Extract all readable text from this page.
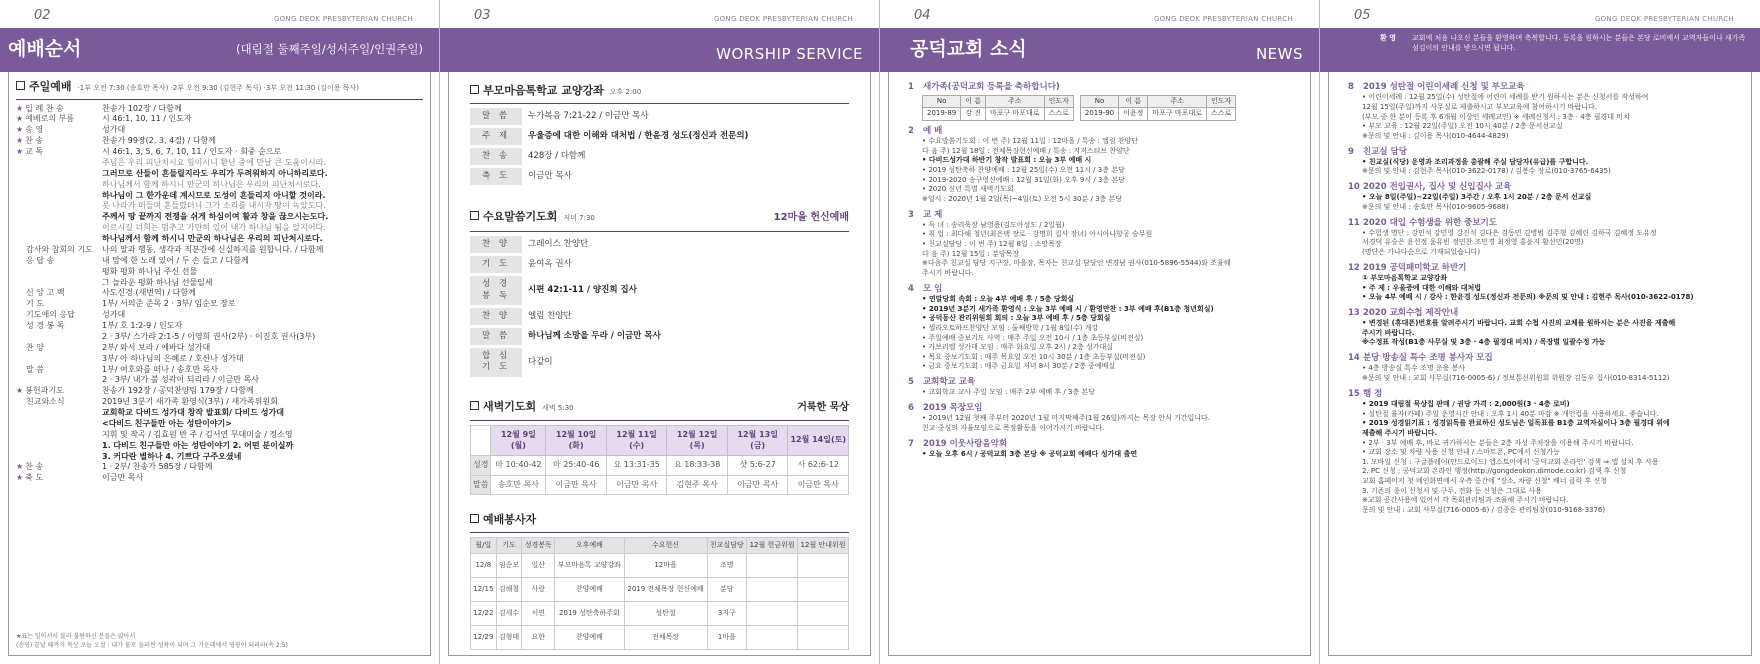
02	GONG DEOK PRESBYTERIAN CHURCH
예배순서	(대림절 둘째주일/성서주일/인권주일)
주일예배 ·1부 오전 7:30 (송호만 목사) ·2부 오전 9:30 (김현주 목사) ·3부 오전 11:30 (김이용 목사)
★ 입 례 찬 송	찬송가 102장 / 다함께
★ 예배로의 부름	시 46:1, 10, 11 / 인도자
★ 송 영	성가대
★ 찬 송	찬송가 99장(2, 3, 4절) / 다함께
★ 교 독	시 46:1, 3, 5, 6, 7, 10, 11 / 인도자 · 회중 순으로
주님은 우리 피난처시요 힘이시니 환난 중에 만날 큰 도움이시라.
그러므로 산들이 흔들릴지라도 우리가 두려워하지 아니하리로다.
하나님께서 함께 하시니 만군의 하나님은 우리의 피난처시로다.
하나님이 그 한가운데 계시므로 도성이 흔들리지 아니할 것이라.
못 나라가 떠들며 흔들렸더니 그가 소리를 내시자 땅이 녹았도다.
주께서 땅 끝까지 전쟁을 쉬게 하심이여 활과 창을 끊으시는도다.
이르시길 너희는 멈추고 가만히 있어 내가 하나님 됨을 알지어다.
하나님께서 함께 하시니 만군의 하나님은 우리의 피난처시로다.
감사와 참회의 기도	나의 말과 행동, 생각과 직분간에 신실하지를 원합니다. / 다함께
응 답 송	내 맘에 한 노래 있어 / 두 손 들고 / 다함께
평화 평화 하나님 주신 선물
그 놀라운 평화 하나님 선물일세
신 앙 고 백	사도신경 (새번역) / 다함께
기 도	1부/ 서의준 준목 2 · 3부/ 임순모 장로
기도에의 응답	성가대
성 경 봉 독	1부/ 호 1:2-9 / 인도자
2 · 3부/ 스가랴 2:1-5 / 이영희 권사(2부) · 이진호 권사(3부)
찬 양	2부/ 와서 보라 / 에바다 성가대
3부/ 아 하나님의 은혜로 / 호산나 성가대
말 씀	1부/ 여호와를 떠나 / 송호만 목사
2 · 3부/ 내가 불 성곽이 되리라 / 이금만 목사
★ 봉헌과기도	찬송가 192장 / 공덕찬양팀 179장 / 다함께
친교와소식	2019년 3분기 새가족 환영식(3부) / 새가족위원회
교회학교 다비드 성가대 창작 발표회/ 다비드 성가대
<다비드 친구들만 아는 성탄이야기>
지휘 및 작곡 / 김효원 반 주 / 김서연 무대미술 / 정소영
1. 다비드 친구들만 아는 성탄이야기 2. 어떤 분이실까
3. 커다란 별하나 4. 기쁘다 구주오셨네
★ 찬 송	1 · 2부/ 찬송가 585장 / 다함께
★ 축 도	이금만 목사
★표는 일어서서 불러 불편하신 분들은 앉아서
(송영) 끝날 때까지 목상 오늘 오설 : 내가 물로 둘러싼 성곽이 되며 그 가운데에서 영광이 되리라(속 2:5)
03	GONG DEOK PRESBYTERIAN CHURCH
WORSHIP SERVICE
부모마음톡학교 교양강좌 오후 2:00
말 씀	누가복음 7:21-22 / 이금만 목사
주 제	우울증에 대한 이해와 대처법 / 한윤경 성도(정신과 전문의)
찬 송	428장 / 다함께
축 도	이금만 목사
수요말씀기도회 저녁 7:30	12마을 헌신예배
찬 양	그레이스 찬양단
기 도	윤여옥 권사
성 경 봉 독	시편 42:1-11 / 양진희 집사
찬 양	엘림 찬양단
말 씀	하나님께 소망을 두라 / 이금만 목사
합 심 기 도	다같이
새벽기도회 새벽 5:30	거룩한 묵상
	12월 9일(월)	12월 10일(화)	12월 11일(수)	12월 12일(목)	12월 13일(금)	12월 14일(토)
성경	마 10:40-42	마 25:40-46	요 13:31-35	요 18:33-38	샷 5:6-27	사 62:6-12
말씀	송호만 목사	이금만 목사	이금만 목사	김현주 목사	이금만 목사	이금만 목사
예배봉사자
월/일	기도	성경봉독	오후예배	수요헌신	친교실담당	12월 헌금위원	12월 안내위원
12/8	임순모	일산	부모마음톡 교양강좌	12마을	조명		
12/15	김해철	사랑	찬양예배	2019 전체목장 헌신예배	분당		
12/22	김세수	서연	2019 성탄축하주회	성탄절	3지구		
12/29	김형태	요한	찬양예배	전체목장	1마을		
04	GONG DEOK PRESBYTERIAN CHURCH
공덕교회 소식	NEWS
1 새가족(공덕교회 등록을 축하합니다)
No	이 름	주소	인도자
2019-89	강 진	마포구 마포대로	스스로
No	이 름	주소	인도자
2019-90	이윤정	마포구 마포대로	스스로
2 예 배
• 수요말씀기도회 : 이 번 주) 12월 11일 : 12마을 / 특송 : 엘림 찬양단
다 음 주) 12월 18일 : 전체목장헌신예배 / 특송 : 지저스티브 찬양단
• 다비드성가대 하반기 창작 발표회 : 오늘 3부 예배 시
• 2019 성탄축하 찬양예배 : 12월 25일(수) 오전 11시 / 3층 본당
• 2019-2020 송구영신예배 : 12월 31일(화) 오후 9시 / 3층 본당
• 2020 신년 특별 새벽기도회
※일시 : 2020년 1월 2일(목)~4일(토) 오전 5시 30분 / 3층 본당
3 교 제
• 득 녀 : 송리욱장 남영용(김도아성도 / 2일월)
• 취 업 : 최다해 청년(최은택 장로 · 강명희 집사 장녀) 아시아나항공 승무원
• 친교실담당 : 이 번 주) 12월 8일 : 소망목장
다 음 주) 12월 15일 : 분당목장
※다음주 친교실 담당 지구장, 마을장, 목자는 친교실 담당인 변경남 권사(010-5896-5544)와 조율해
주시기 바랍니다.
4 모 임
• 연말당회 속회 : 오늘 4부 예배 후 / 5층 당회실
• 2019년 3분기 새가족 환영식 : 오늘 3부 예배 시 / 환영만찬 : 3부 예배 후(B1층 청년회실)
• 공덕동산 관리위원회 회의 : 오늘 3부 예배 후 / 5층 당회실
• 셀라오토하프찬양단 모임 : 둘째방학 / 1월 8일(수) 개강
• 주일예배 중보기도 사역 : 매주 주일 오전 10시 / 1층 초등부실(비전실)
• 가브리엘 성가대 모임 : 매주 화요일 오후 2시 / 2층 성가대실
• 목요 중보기도회 : 매주 목요일 오전 10시 30분 / 1층 초등부실(비전실)
• 금요 중보기도회 : 매주 금요일 저녁 8시 30분 / 2층 중예배실
5 교회학교 교육
• 교회학교 교사 주일 모임 : 매주 2부 예배 후 / 3층 본당
6 2019 목장모임
• 2019년 12월 첫째 주부터 2020년 1월 마지막째주(1월 26일)까지는 목장 안식 기간입니다.
친교 중심의 자율모임으로 목장활동을 이어가시기 바랍니다.
7 2019 이웃사랑음악회
• 오늘 오후 6시 / 공덕교회 3층 본당 ※ 공덕교회 예배다 성가대 출연
05	GONG DEOK PRESBYTERIAN CHURCH
환 영	교회에 처음 나오신 분들을 환영하며 축복합니다. 등록을 원하시는 분들은 본당 로비에서 교역자들이나 새가족 섬김이의 안내를 받으시면 됩니다.
8 2019 성탄절 어린이세례 신청 및 부모교육
• 어린이세례 : 12월 25일(수) 성탄절에 어린이 세례를 받기 원하시는 분은 신청서를 작성하여
12월 15일(주일)까지 사무실로 제출하시고 부모교육에 참여하시기 바랍니다.
(부모 중 한 분이 등록 후 6개월 이상인 세례교인) ※ 세례신청서 : 3층 · 4층 필경대 비치
• 부모 교육 : 12월 22일(주일) 오전 10시 40분 / 2층 문서선교실
※문의 및 안내 : 김이용 목사(010-4644-4829)
9 친교실 담당
• 친교실(식당) 운영과 조리과정을 총괄해 주실 담당자(유급)를 구합니다.
※문의 및 안내 : 김현주 목사(010-3622-0178) / 김봉수 장로(010-3765-6435)
10 2020 전입권사, 집사 및 신입집사 교육
• 오늘 8일(주일)~22일(주일) 3주간 / 오후 1시 20분 / 2층 문서 선교실
※문의 및 안내 : 송호만 목사(010-9605-9688)
11 2020 대입 수험생을 위한 중보기도
• 수험생 명단 : 강민석 강민영 강진석 김다은 김동민 김병범 김주형 김혜린 김하국 김혜정 도유정
서경덕 유승은 윤선정 윤유빈 정민찬 조민경 최정영 홍윤지 황선민(20명)
(명단은 가나다순으로 기재되었습니다)
12 2019 공덕패미학교 하반기
① 부모마음톡학교 교양강좌
• 주 제 : 우울증에 대한 이해와 대처법
• 오늘 4부 예배 시 / 강사 : 한윤경 성도(정신과 전문의) ※문의 및 안내 : 김현주 목사(010-3622-0178)
13 2020 교회수첩 제작안내
• 변경된 (휴대폰)번호를 알려주시기 바랍니다. 교회 수첩 사진의 교체를 원하시는 분은 사진을 제출해
주시기 바랍니다.
※수정표 작성(B1층 사무실 및 3층 · 4층 필경대 비치) / 목장별 일괄수정 가능
14 분당 방송실 특수 조명 봉사자 모집
• 4층 방송실 특수 조명 운용 봉사
※문의 및 안내 : 교회 사무실(716-0005-6) / 정보통신위원회 위원장 김동우 집사(010-8314-5112)
15 행 정
• 2019 대림절 묵상집 판매 / 권당 가격 : 2,000원(3 · 4층 로비)
• 설탄절 율자(카페) 주일 운영시간 안내 : 오후 1시 40분 마감 ※ 개인컵을 사용하세요. 좋습니다.
• 2019 성경읽기표 : 성경읽독를 완료하신 성도님은 일독표를 B1층 교역자실이나 3층 필경대 위에
제출해 주시기 바랍니다.
• 2부 · 3부 예배 후, 바로 귀가하시는 분들은 2층 자성 주차장을 이용해 주시기 바랍니다.
• 교회 장소 및 차량 사용 신청 안내 / 스마트폰, PC에서 신청가능
1. 모바일 신청 : 구글플레이(안드로이드) 앱스토어에서 '공덕교회 온라인' 검색 ⇒ 앱 설치 후 사용
2. PC 신청 : 공덕교회 온라인 행정(http://gongdeokon.dimode.co.kr) 검색 후 신청
교회 홈페이지 첫 메인화면에서 우측 중간에 "장소, 차량 신청" 배너 클릭 후 신청
3. 기존의 종이 신청서 및 구두, 전화 등 신청은 그대로 사용
※교회 공간사용에 있어서 각 목회관리팀과 조율해 주시기 바랍니다.
문의 및 안내 : 교회 사무실(716-0005-6) / 김종운 관리팀장(010-9168-3376)
